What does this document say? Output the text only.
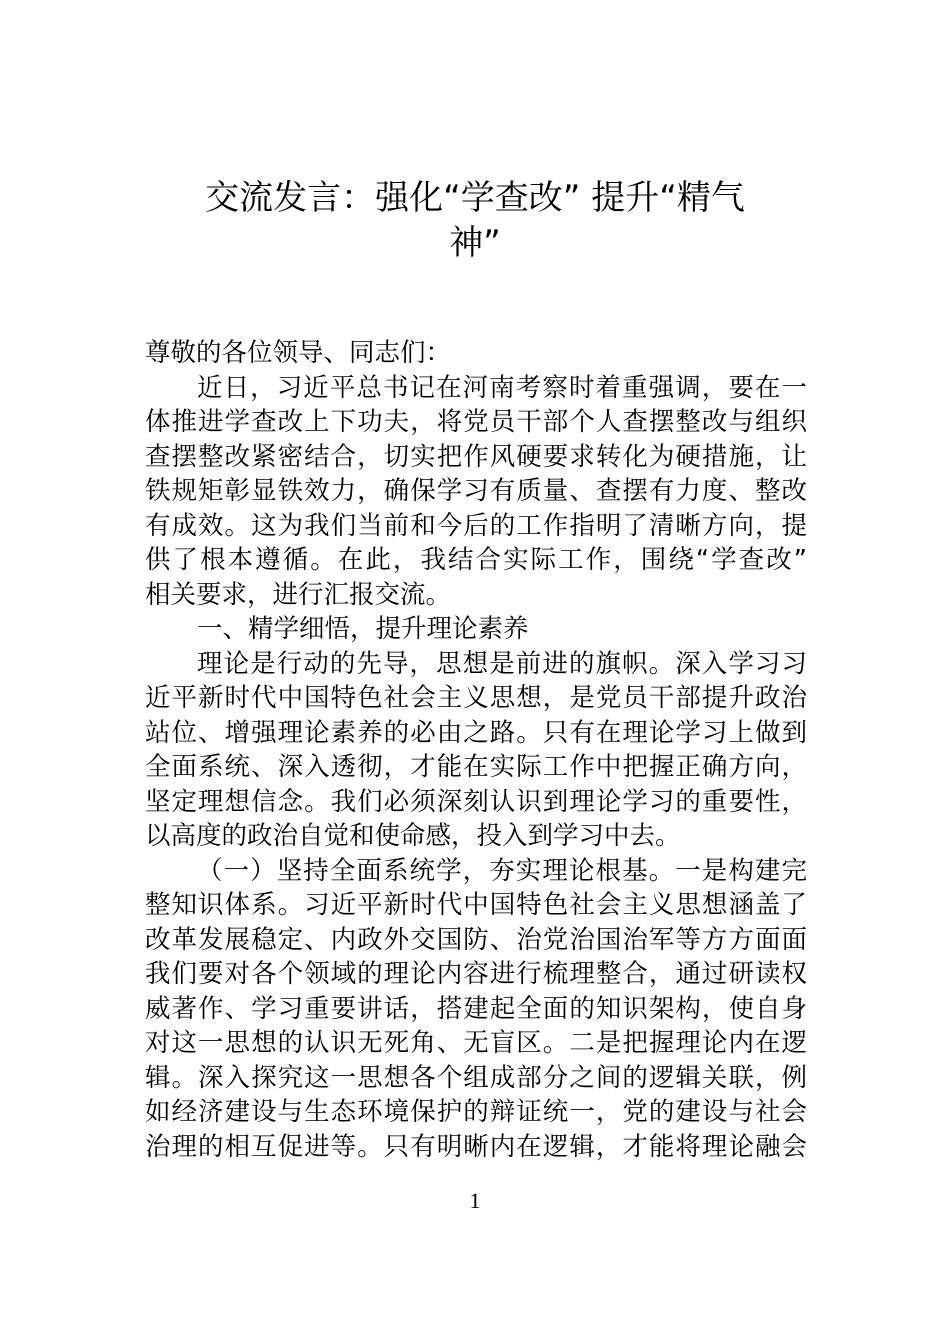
交流发言：强化“学查改” 提升“精气
神”
尊敬的各位领导、同志们：
近日，习近平总书记在河南考察时着重强调，要在一
体推进学查改上下功夫，将党员干部个人查摆整改与组织
查摆整改紧密结合，切实把作风硬要求转化为硬措施，让
铁规矩彰显铁效力，确保学习有质量、查摆有力度、整改
有成效。这为我们当前和今后的工作指明了清晰方向，提
供了根本遵循。在此，我结合实际工作，围绕“学查改”
相关要求，进行汇报交流。
一、精学细悟，提升理论素养
理论是行动的先导，思想是前进的旗帜。深入学习习
近平新时代中国特色社会主义思想，是党员干部提升政治
站位、增强理论素养的必由之路。只有在理论学习上做到
全面系统、深入透彻，才能在实际工作中把握正确方向，
坚定理想信念。我们必须深刻认识到理论学习的重要性，
以高度的政治自觉和使命感，投入到学习中去。
（一）坚持全面系统学，夯实理论根基。一是构建完
整知识体系。习近平新时代中国特色社会主义思想涵盖了
改革发展稳定、内政外交国防、治党治国治军等方方面面
我们要对各个领域的理论内容进行梳理整合，通过研读权
威著作、学习重要讲话，搭建起全面的知识架构，使自身
对这一思想的认识无死角、无盲区。二是把握理论内在逻
辑。深入探究这一思想各个组成部分之间的逻辑关联，例
如经济建设与生态环境保护的辩证统一，党的建设与社会
治理的相互促进等。只有明晰内在逻辑，才能将理论融会
1
